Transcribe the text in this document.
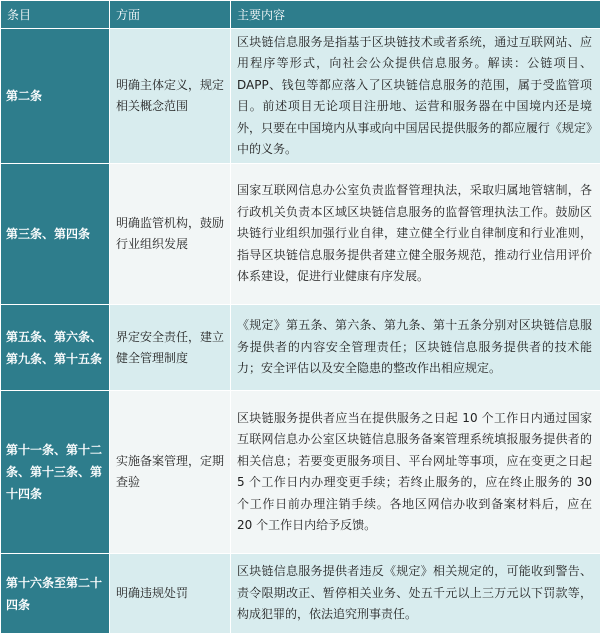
条目	方面	主要内容
第二条	明确主体定义，规定相关概念范围	区块链信息服务是指基于区块链技术或者系统，通过互联网站、应用程序等形式，向社会公众提供信息服务。解读：公链项目、DAPP、钱包等都应落入了区块链信息服务的范围，属于受监管项目。前述项目无论项目注册地、运营和服务器在中国境内还是境外，只要在中国境内从事或向中国居民提供服务的都应履行《规定》中的义务。
第三条、第四条	明确监管机构，鼓励行业组织发展	国家互联网信息办公室负责监督管理执法，采取归属地管辖制，各行政机关负责本区域区块链信息服务的监督管理执法工作。鼓励区块链行业组织加强行业自律，建立健全行业自律制度和行业准则，指导区块链信息服务提供者建立健全服务规范，推动行业信用评价体系建设，促进行业健康有序发展。
第五条、第六条、第九条、第十五条	界定安全责任，建立健全管理制度	《规定》第五条、第六条、第九条、第十五条分别对区块链信息服务提供者的内容安全管理责任；区块链信息服务提供者的技术能力；安全评估以及安全隐患的整改作出相应规定。
第十一条、第十二条、第十三条、第十四条	实施备案管理，定期查验	区块链服务提供者应当在提供服务之日起 10 个工作日内通过国家互联网信息办公室区块链信息服务备案管理系统填报服务提供者的相关信息；若要变更服务项目、平台网址等事项，应在变更之日起 5 个工作日内办理变更手续；若终止服务的，应在终止服务的 30 个工作日前办理注销手续。各地区网信办收到备案材料后，应在 20 个工作日内给予反馈。
第十六条至第二十四条	明确违规处罚	区块链信息服务提供者违反《规定》相关规定的，可能收到警告、责令限期改正、暂停相关业务、处五千元以上三万元以下罚款等，构成犯罪的，依法追究刑事责任。
